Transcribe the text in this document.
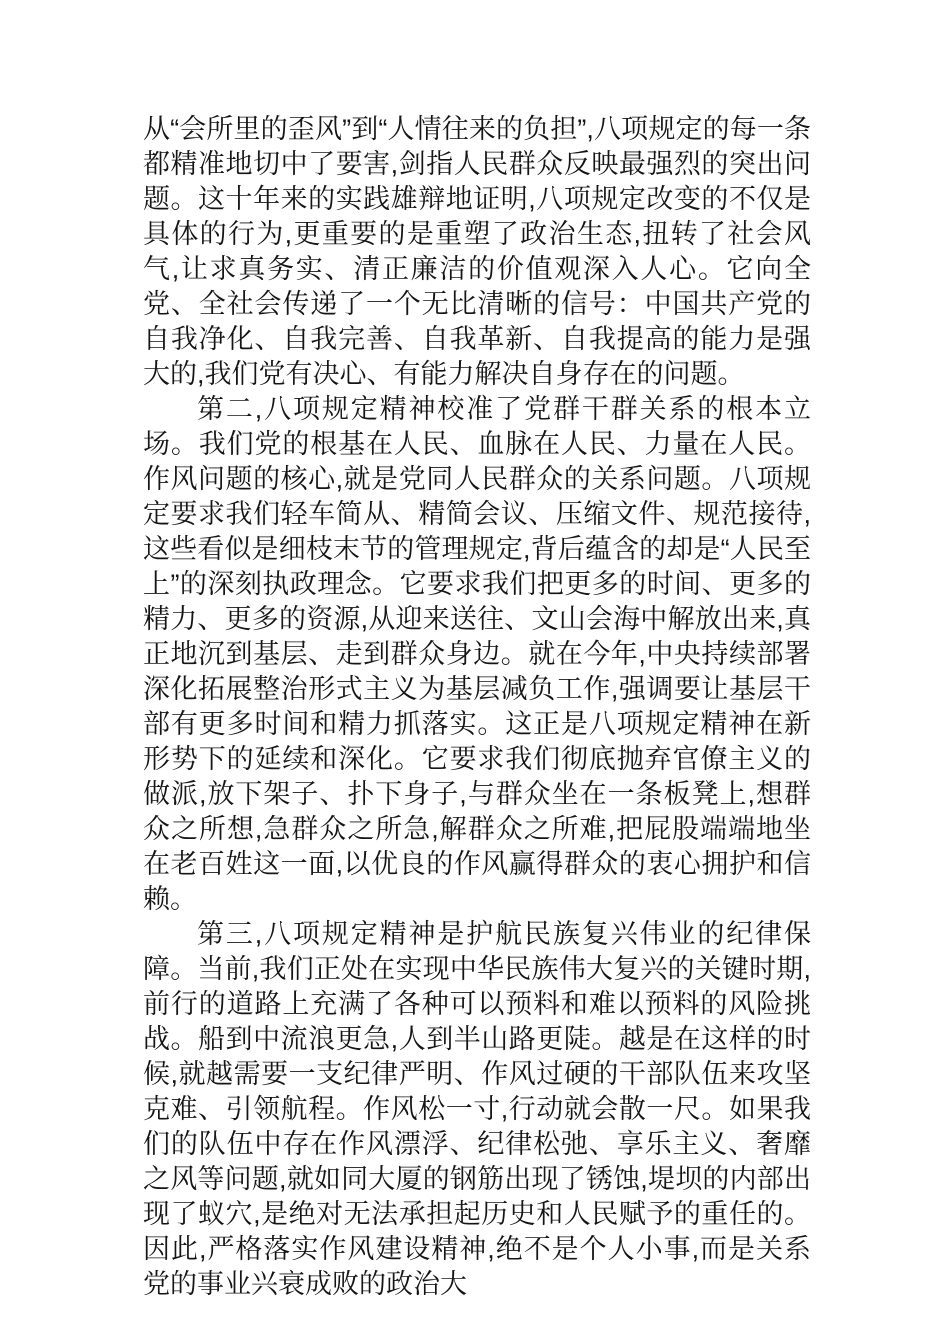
从“会所里的歪风”到“人情往来的负担”,八项规定的每一条都精准地切中了要害,剑指人民群众反映最强烈的突出问题。这十年来的实践雄辩地证明,八项规定改变的不仅是具体的行为,更重要的是重塑了政治生态,扭转了社会风气,让求真务实、清正廉洁的价值观深入人心。它向全党、全社会传递了一个无比清晰的信号：中国共产党的自我净化、自我完善、自我革新、自我提高的能力是强大的,我们党有决心、有能力解决自身存在的问题。

第二,八项规定精神校准了党群干群关系的根本立场。我们党的根基在人民、血脉在人民、力量在人民。作风问题的核心,就是党同人民群众的关系问题。八项规定要求我们轻车简从、精简会议、压缩文件、规范接待,这些看似是细枝末节的管理规定,背后蕴含的却是“人民至上”的深刻执政理念。它要求我们把更多的时间、更多的精力、更多的资源,从迎来送往、文山会海中解放出来,真正地沉到基层、走到群众身边。就在今年,中央持续部署深化拓展整治形式主义为基层减负工作,强调要让基层干部有更多时间和精力抓落实。这正是八项规定精神在新形势下的延续和深化。它要求我们彻底抛弃官僚主义的做派,放下架子、扑下身子,与群众坐在一条板凳上,想群众之所想,急群众之所急,解群众之所难,把屁股端端地坐在老百姓这一面,以优良的作风赢得群众的衷心拥护和信赖。

第三,八项规定精神是护航民族复兴伟业的纪律保障。当前,我们正处在实现中华民族伟大复兴的关键时期,前行的道路上充满了各种可以预料和难以预料的风险挑战。船到中流浪更急,人到半山路更陡。越是在这样的时候,就越需要一支纪律严明、作风过硬的干部队伍来攻坚克难、引领航程。作风松一寸,行动就会散一尺。如果我们的队伍中存在作风漂浮、纪律松弛、享乐主义、奢靡之风等问题,就如同大厦的钢筋出现了锈蚀,堤坝的内部出现了蚁穴,是绝对无法承担起历史和人民赋予的重任的。因此,严格落实作风建设精神,绝不是个人小事,而是关系党的事业兴衰成败的政治大
